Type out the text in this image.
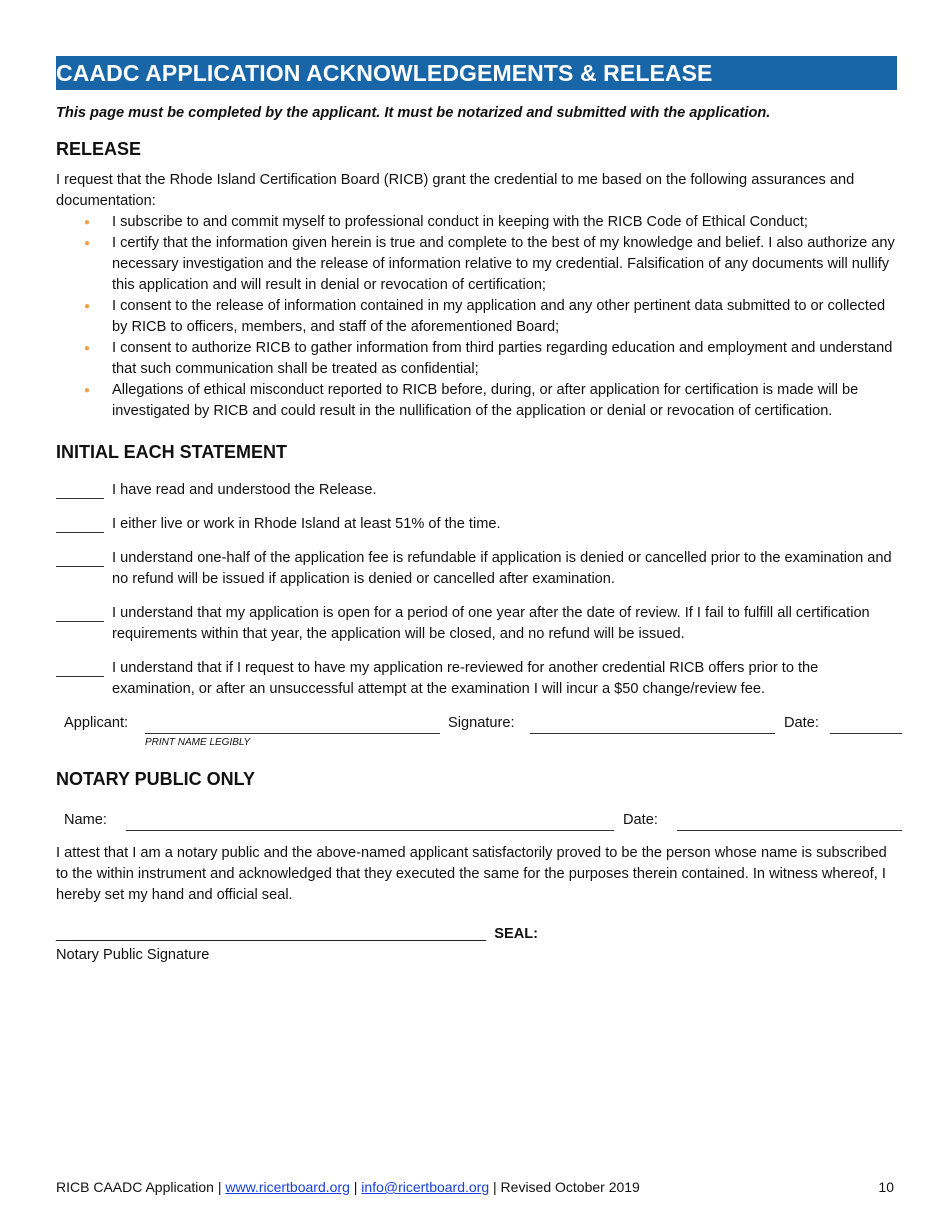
CAADC APPLICATION ACKNOWLEDGEMENTS & RELEASE
This page must be completed by the applicant. It must be notarized and submitted with the application.
RELEASE

I request that the Rhode Island Certification Board (RICB) grant the credential to me based on the following assurances and documentation:

● I subscribe to and commit myself to professional conduct in keeping with the RICB Code of Ethical Conduct;
● I certify that the information given herein is true and complete to the best of my knowledge and belief. I also authorize any necessary investigation and the release of information relative to my credential. Falsification of any documents will nullify this application and will result in denial or revocation of certification;
● I consent to the release of information contained in my application and any other pertinent data submitted to or collected by RICB to officers, members, and staff of the aforementioned Board;
● I consent to authorize RICB to gather information from third parties regarding education and employment and understand that such communication shall be treated as confidential;
● Allegations of ethical misconduct reported to RICB before, during, or after application for certification is made will be investigated by RICB and could result in the nullification of the application or denial or revocation of certification.
INITIAL EACH STATEMENT
I have read and understood the Release.
I either live or work in Rhode Island at least 51% of the time.
I understand one-half of the application fee is refundable if application is denied or cancelled prior to the examination and no refund will be issued if application is denied or cancelled after examination.
I understand that my application is open for a period of one year after the date of review. If I fail to fulfill all certification requirements within that year, the application will be closed, and no refund will be issued.
I understand that if I request to have my application re-reviewed for another credential RICB offers prior to the examination, or after an unsuccessful attempt at the examination I will incur a $50 change/review fee.
Applicant:
PRINT NAME LEGIBLY
Signature:	Date:
NOTARY PUBLIC ONLY
Name:	Date:

I attest that I am a notary public and the above-named applicant satisfactorily proved to be the person whose name is subscribed to the within instrument and acknowledged that they executed the same for the purposes therein contained. In witness whereof, I hereby set my hand and official seal.

_____________________________________________________ SEAL:
Notary Public Signature
RICB CAADC Application | www.ricertboard.org | info@ricertboard.org | Revised October 2019	10
